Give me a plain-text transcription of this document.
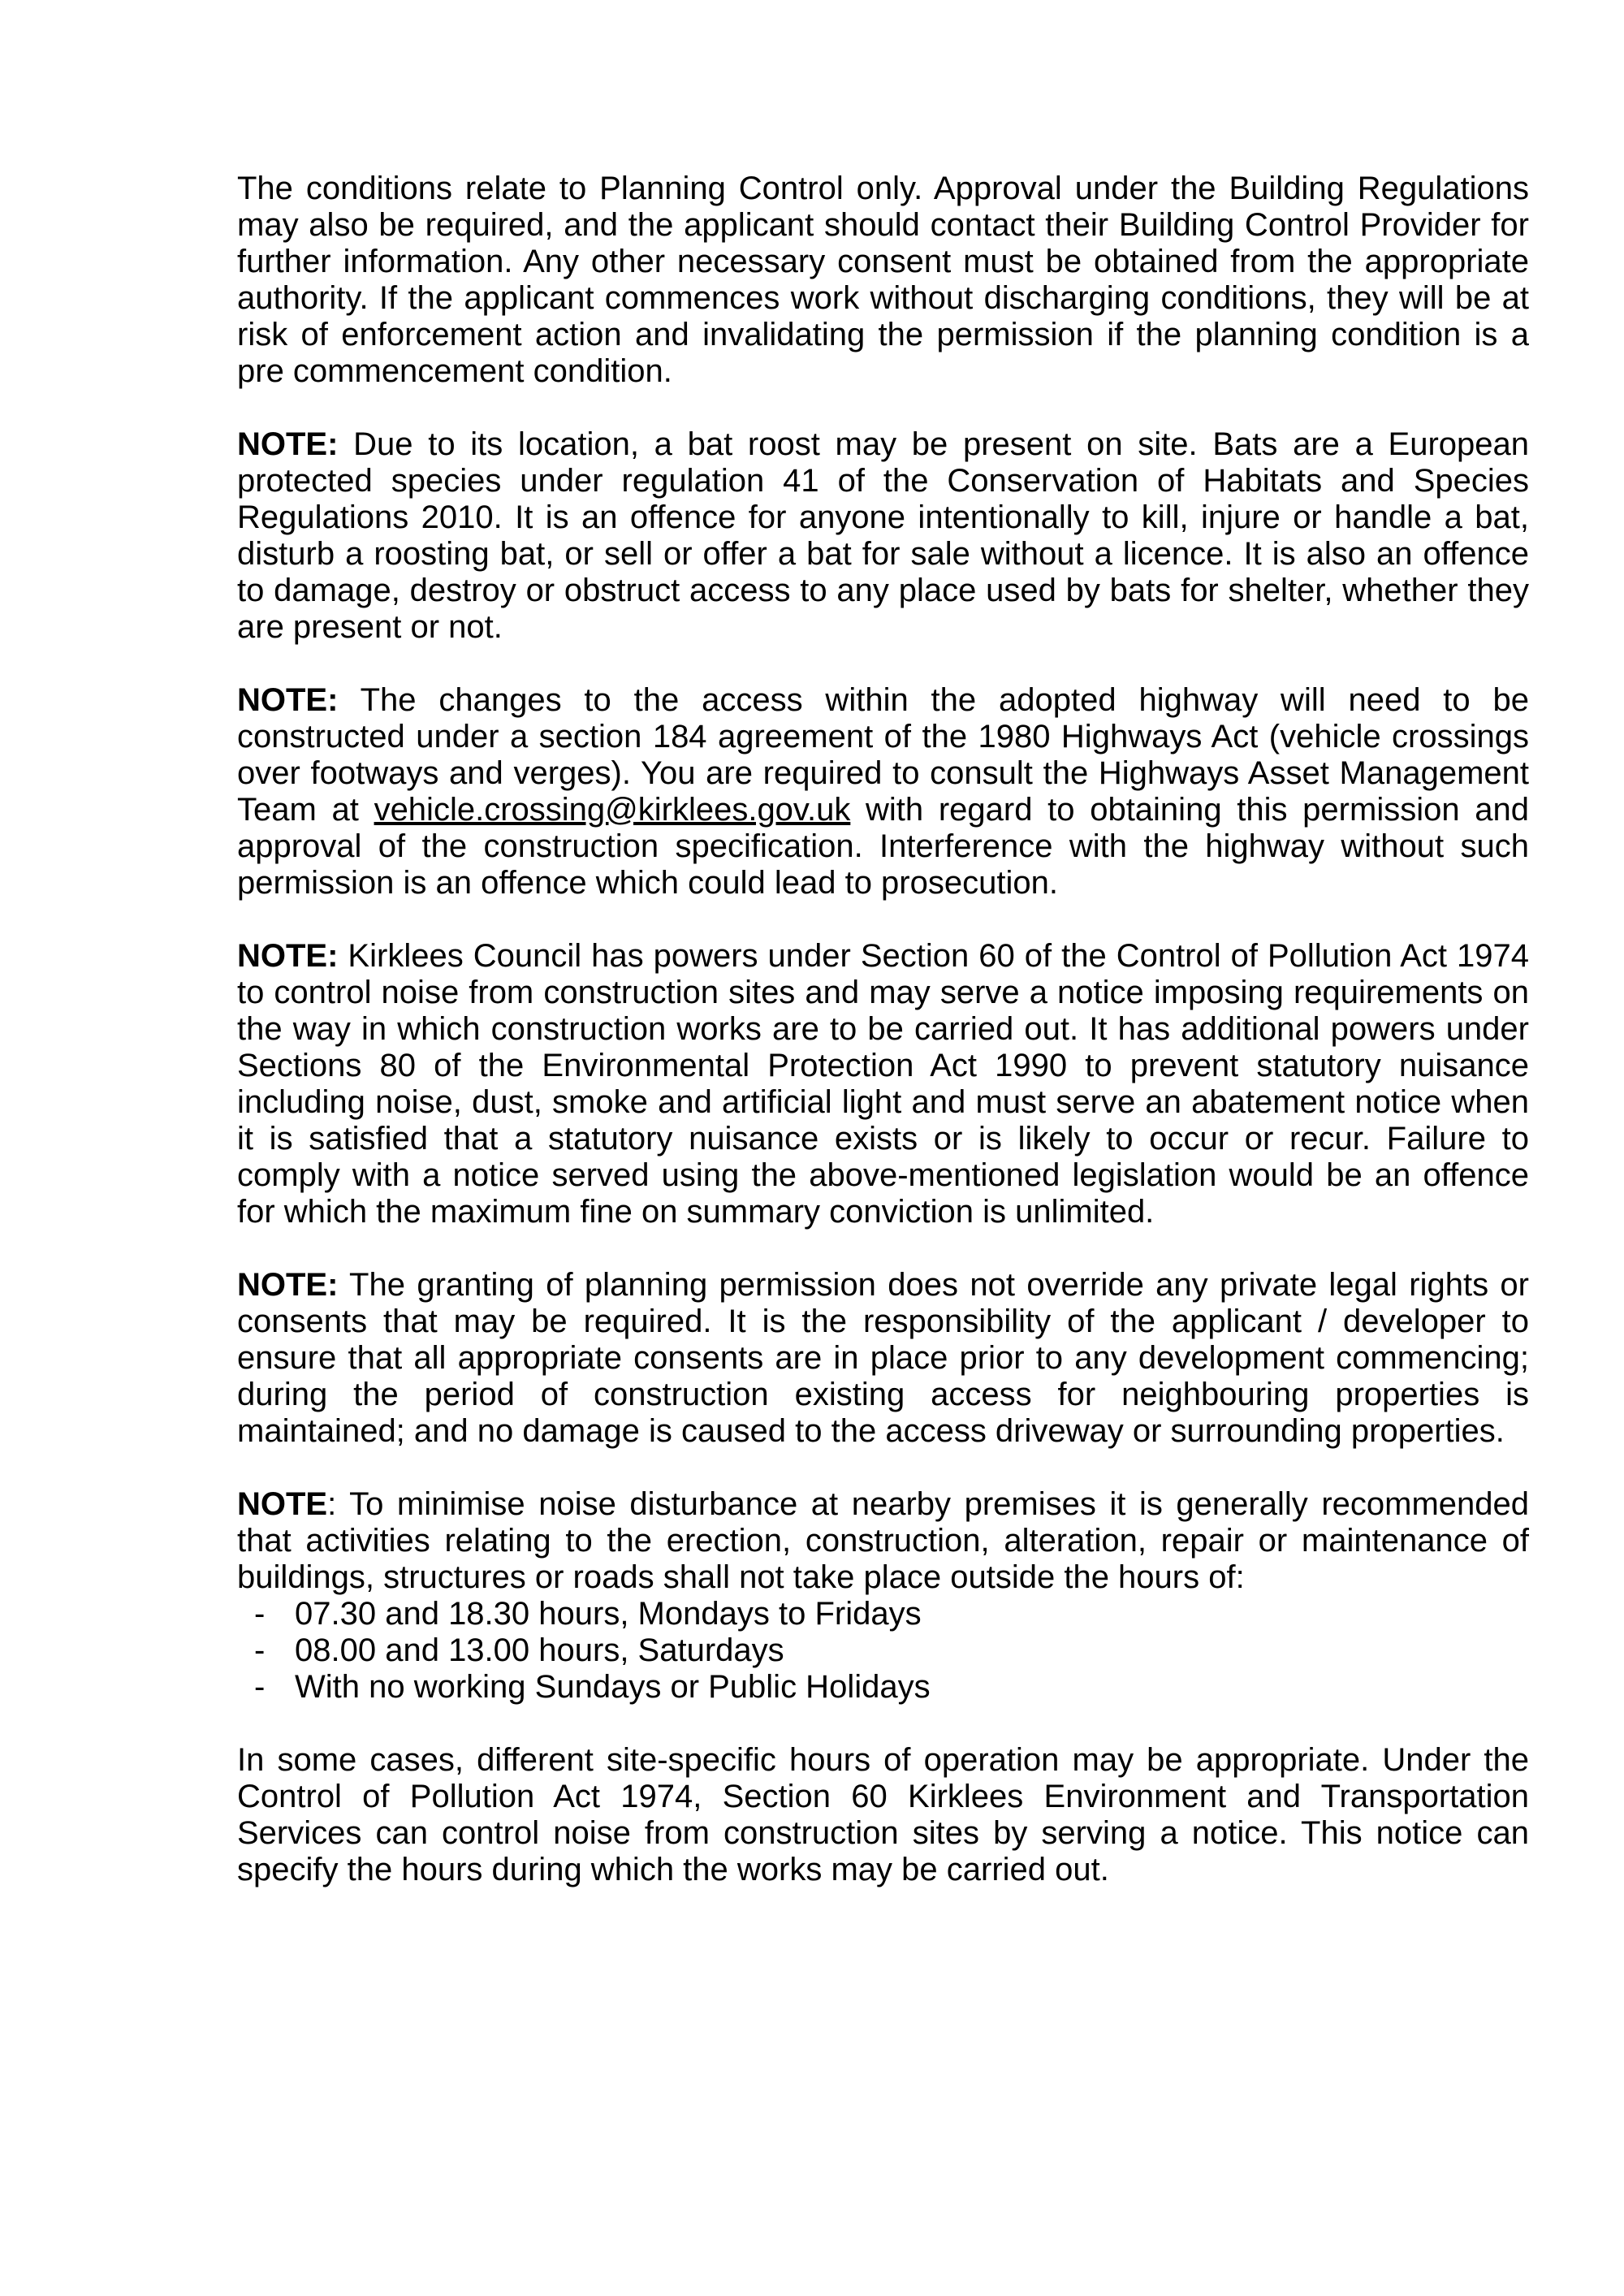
The conditions relate to Planning Control only. Approval under the Building Regulations may also be required, and the applicant should contact their Building Control Provider for further information. Any other necessary consent must be obtained from the appropriate authority. If the applicant commences work without discharging conditions, they will be at risk of enforcement action and invalidating the permission if the planning condition is a pre commencement condition.

NOTE: Due to its location, a bat roost may be present on site. Bats are a European protected species under regulation 41 of the Conservation of Habitats and Species Regulations 2010. It is an offence for anyone intentionally to kill, injure or handle a bat, disturb a roosting bat, or sell or offer a bat for sale without a licence. It is also an offence to damage, destroy or obstruct access to any place used by bats for shelter, whether they are present or not.

NOTE: The changes to the access within the adopted highway will need to be constructed under a section 184 agreement of the 1980 Highways Act (vehicle crossings over footways and verges). You are required to consult the Highways Asset Management Team at vehicle.crossing@kirklees.gov.uk with regard to obtaining this permission and approval of the construction specification. Interference with the highway without such permission is an offence which could lead to prosecution.

NOTE: Kirklees Council has powers under Section 60 of the Control of Pollution Act 1974 to control noise from construction sites and may serve a notice imposing requirements on the way in which construction works are to be carried out. It has additional powers under Sections 80 of the Environmental Protection Act 1990 to prevent statutory nuisance including noise, dust, smoke and artificial light and must serve an abatement notice when it is satisfied that a statutory nuisance exists or is likely to occur or recur. Failure to comply with a notice served using the above-mentioned legislation would be an offence for which the maximum fine on summary conviction is unlimited.

NOTE: The granting of planning permission does not override any private legal rights or consents that may be required. It is the responsibility of the applicant / developer to ensure that all appropriate consents are in place prior to any development commencing; during the period of construction existing access for neighbouring properties is maintained; and no damage is caused to the access driveway or surrounding properties.

NOTE: To minimise noise disturbance at nearby premises it is generally recommended that activities relating to the erection, construction, alteration, repair or maintenance of buildings, structures or roads shall not take place outside the hours of:

- 07.30 and 18.30 hours, Mondays to Fridays
- 08.00 and 13.00 hours, Saturdays
- With no working Sundays or Public Holidays

In some cases, different site-specific hours of operation may be appropriate. Under the Control of Pollution Act 1974, Section 60 Kirklees Environment and Transportation Services can control noise from construction sites by serving a notice. This notice can specify the hours during which the works may be carried out.
